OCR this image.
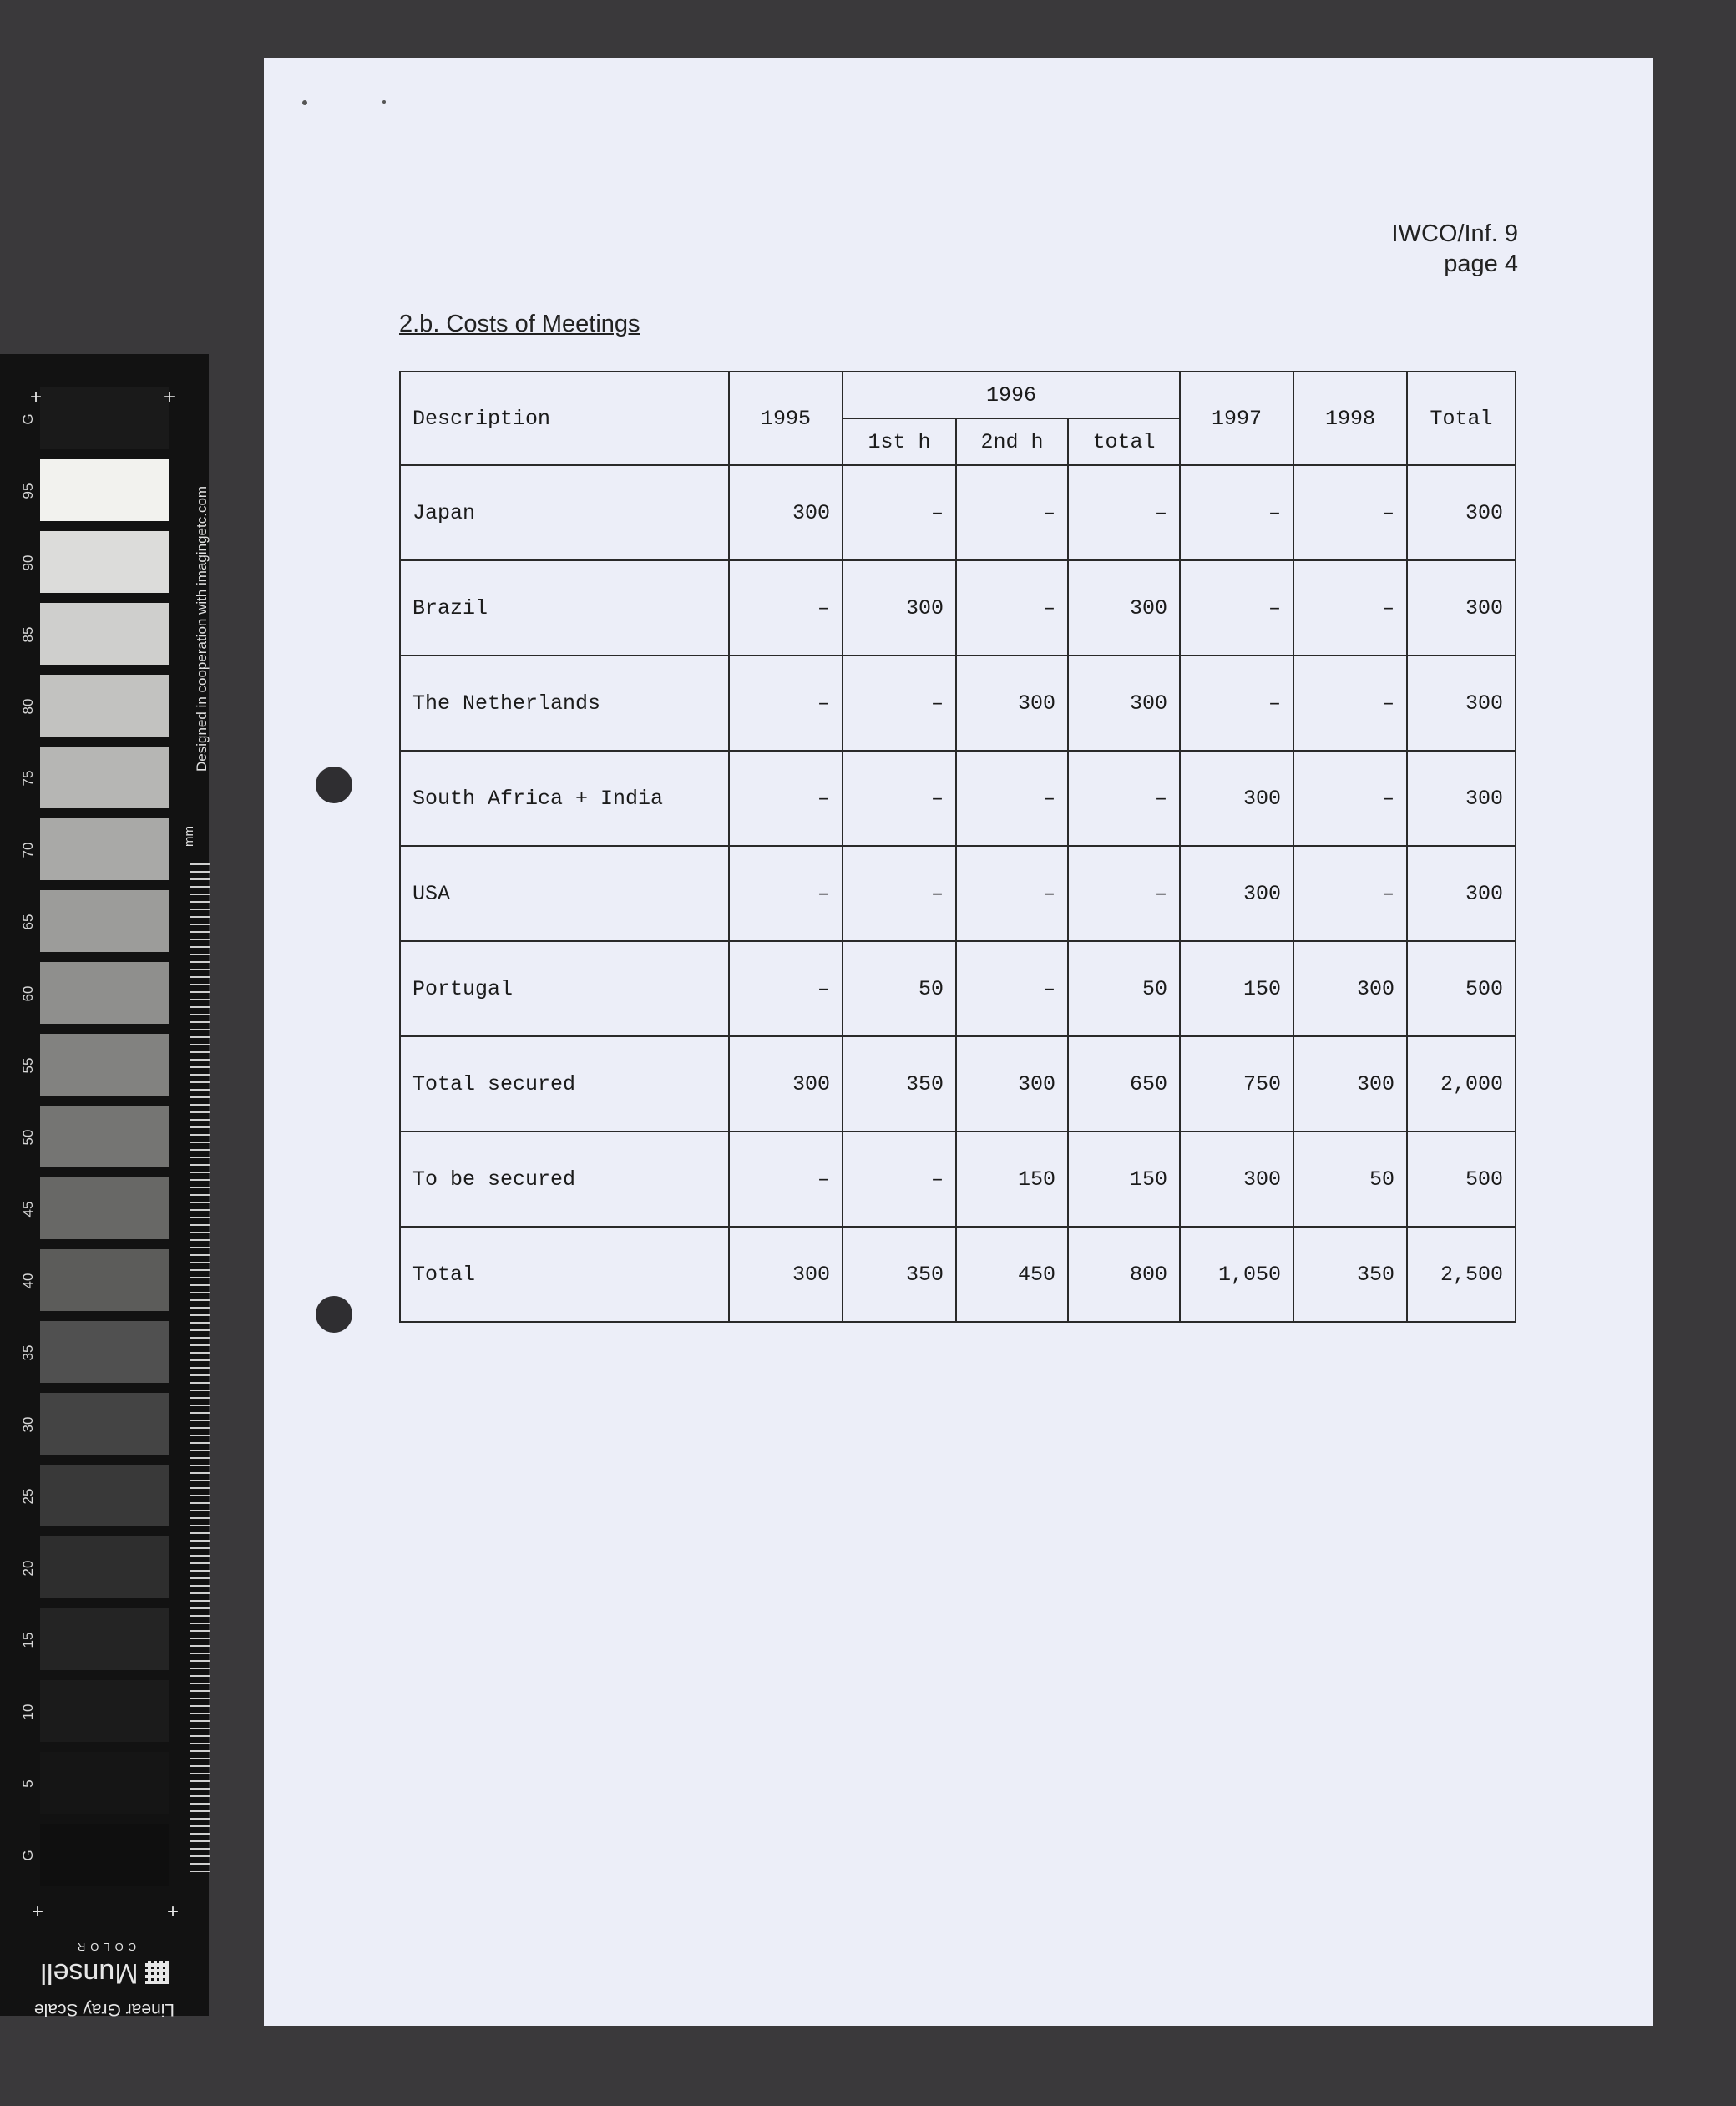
G
95
90
85
80
75
70
65
60
55
50
45
40
35
30
25
20
15
10
5
G
+	+
+	+
Designed in cooperation with imagingetc.com
mm
Linear Gray Scale
Munsell
COLOR
IWCO/Inf. 9
page 4
2.b. Costs of Meetings
Description	1995	1996			1997	1998	Total
		1st h	2nd h	total			
Japan	300	–	–	–	–	–	300
Brazil	–	300	–	300	–	–	300
The Netherlands	–	–	300	300	–	–	300
South Africa + India	–	–	–	–	300	–	300
USA	–	–	–	–	300	–	300
Portugal	–	50	–	50	150	300	500
Total secured	300	350	300	650	750	300	2,000
To be secured	–	–	150	150	300	50	500
Total	300	350	450	800	1,050	350	2,500
